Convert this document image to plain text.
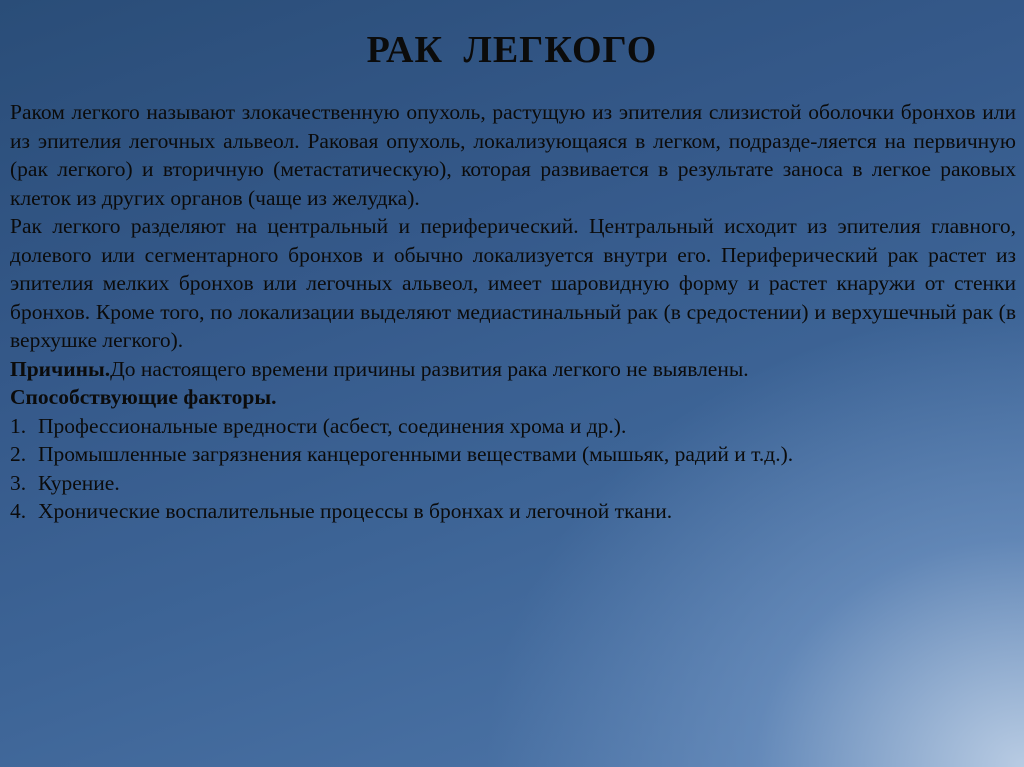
РАК ЛЕГКОГО

Раком легкого называют злокачественную опухоль, растущую из эпителия слизистой оболочки бронхов или из эпителия легочных альвеол. Раковая опухоль, локализующаяся в легком, подразде-ляется на первичную (рак легкого) и вторичную (метастатическую), которая развивается в результате заноса в легкое раковых клеток из других органов (чаще из желудка).

Рак легкого разделяют на центральный и периферический. Центральный исходит из эпителия главного, долевого или сегментарного бронхов и обычно локализуется внутри его. Периферический рак растет из эпителия мелких бронхов или легочных альвеол, имеет шаровидную форму и растет кнаружи от стенки бронхов. Кроме того, по локализации выделяют медиастинальный рак (в средостении) и верхушечный рак (в верхушке легкого).

Причины.До настоящего времени причины развития рака легкого не выявлены.

Способствующие факторы.

1. Профессиональные вредности (асбест, соединения хрома и др.).

2. Промышленные загрязнения канцерогенными веществами (мышьяк, радий и т.д.).

3. Курение.

4. Хронические воспалительные процессы в бронхах и легочной ткани.
